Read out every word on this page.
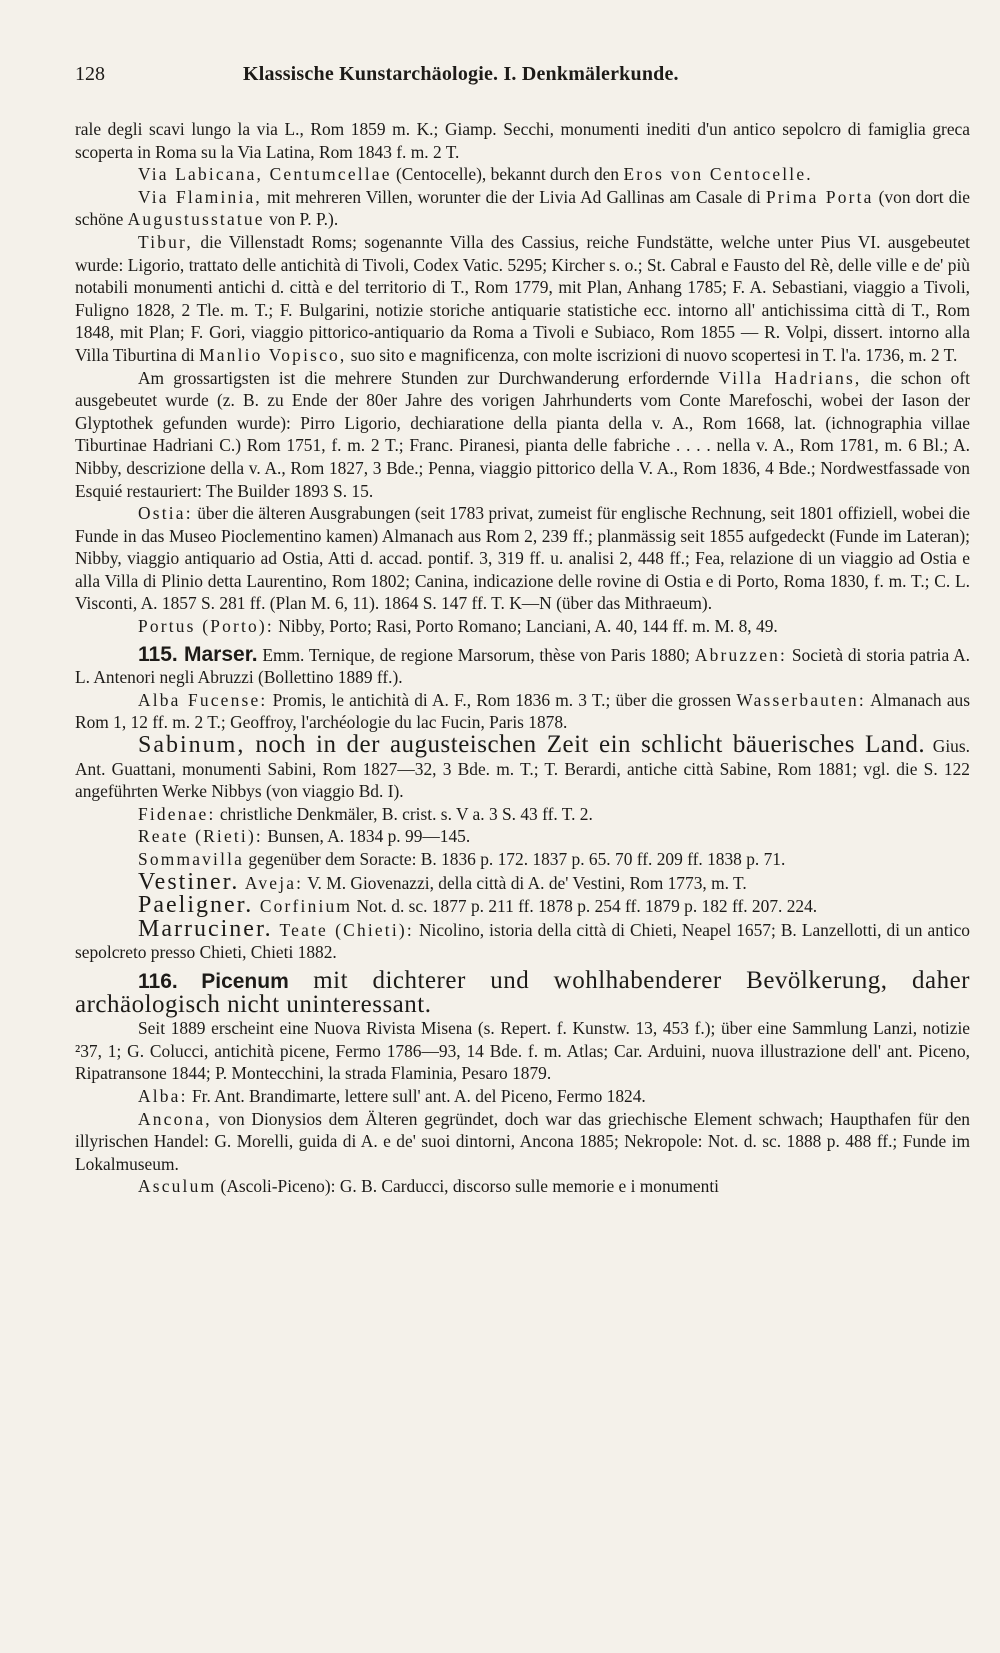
128	Klassische Kunstarchäologie. I. Denkmälerkunde.

rale degli scavi lungo la via L., Rom 1859 m. K.; Giamp. Secchi, monumenti inediti d'un antico sepolcro di famiglia greca scoperta in Roma su la Via Latina, Rom 1843 f. m. 2 T.

Via Labicana, Centumcellae (Centocelle), bekannt durch den Eros von Centocelle.

Via Flaminia, mit mehreren Villen, worunter die der Livia Ad Gallinas am Casale di Prima Porta (von dort die schöne Augustusstatue von P. P.).

Tibur, die Villenstadt Roms; sogenannte Villa des Cassius, reiche Fundstätte, welche unter Pius VI. ausgebeutet wurde: Ligorio, trattato delle antichità di Tivoli, Codex Vatic. 5295; Kircher s. o.; St. Cabral e Fausto del Rè, delle ville e de' più notabili monumenti antichi d. città e del territorio di T., Rom 1779, mit Plan, Anhang 1785; F. A. Sebastiani, viaggio a Tivoli, Fuligno 1828, 2 Tle. m. T.; F. Bulgarini, notizie storiche antiquarie statistiche ecc. intorno all' antichissima città di T., Rom 1848, mit Plan; F. Gori, viaggio pittorico-antiquario da Roma a Tivoli e Subiaco, Rom 1855 — R. Volpi, dissert. intorno alla Villa Tiburtina di Manlio Vopisco, suo sito e magnificenza, con molte iscrizioni di nuovo scopertesi in T. l'a. 1736, m. 2 T.

Am grossartigsten ist die mehrere Stunden zur Durchwanderung erfordernde Villa Hadrians, die schon oft ausgebeutet wurde (z. B. zu Ende der 80er Jahre des vorigen Jahrhunderts vom Conte Marefoschi, wobei der Iason der Glyptothek gefunden wurde): Pirro Ligorio, dechiaratione della pianta della v. A., Rom 1668, lat. (ichnographia villae Tiburtinae Hadriani C.) Rom 1751, f. m. 2 T.; Franc. Piranesi, pianta delle fabriche . . . . nella v. A., Rom 1781, m. 6 Bl.; A. Nibby, descrizione della v. A., Rom 1827, 3 Bde.; Penna, viaggio pittorico della V. A., Rom 1836, 4 Bde.; Nordwestfassade von Esquié restauriert: The Builder 1893 S. 15.

Ostia: über die älteren Ausgrabungen (seit 1783 privat, zumeist für englische Rechnung, seit 1801 offiziell, wobei die Funde in das Museo Pioclementino kamen) Almanach aus Rom 2, 239 ff.; planmässig seit 1855 aufgedeckt (Funde im Lateran); Nibby, viaggio antiquario ad Ostia, Atti d. accad. pontif. 3, 319 ff. u. analisi 2, 448 ff.; Fea, relazione di un viaggio ad Ostia e alla Villa di Plinio detta Laurentino, Rom 1802; Canina, indicazione delle rovine di Ostia e di Porto, Roma 1830, f. m. T.; C. L. Visconti, A. 1857 S. 281 ff. (Plan M. 6, 11). 1864 S. 147 ff. T. K—N (über das Mithraeum).

Portus (Porto): Nibby, Porto; Rasi, Porto Romano; Lanciani, A. 40, 144 ff. m. M. 8, 49.

115. Marser. Emm. Ternique, de regione Marsorum, thèse von Paris 1880; Abruzzen: Società di storia patria A. L. Antenori negli Abruzzi (Bollettino 1889 ff.).

Alba Fucense: Promis, le antichità di A. F., Rom 1836 m. 3 T.; über die grossen Wasserbauten: Almanach aus Rom 1, 12 ff. m. 2 T.; Geoffroy, l'archéologie du lac Fucin, Paris 1878.

Sabinum, noch in der augusteischen Zeit ein schlicht bäuerisches Land. Gius. Ant. Guattani, monumenti Sabini, Rom 1827—32, 3 Bde. m. T.; T. Berardi, antiche città Sabine, Rom 1881; vgl. die S. 122 angeführten Werke Nibbys (von viaggio Bd. I).

Fidenae: christliche Denkmäler, B. crist. s. V a. 3 S. 43 ff. T. 2.

Reate (Rieti): Bunsen, A. 1834 p. 99—145.

Sommavilla gegenüber dem Soracte: B. 1836 p. 172. 1837 p. 65. 70 ff. 209 ff. 1838 p. 71.

Vestiner. Aveja: V. M. Giovenazzi, della città di A. de' Vestini, Rom 1773, m. T.

Paeligner. Corfinium Not. d. sc. 1877 p. 211 ff. 1878 p. 254 ff. 1879 p. 182 ff. 207. 224.

Marruciner. Teate (Chieti): Nicolino, istoria della città di Chieti, Neapel 1657; B. Lanzellotti, di un antico sepolcreto presso Chieti, Chieti 1882.

116. Picenum mit dichterer und wohlhabenderer Bevölkerung, daher archäologisch nicht uninteressant.

Seit 1889 erscheint eine Nuova Rivista Misena (s. Repert. f. Kunstw. 13, 453 f.); über eine Sammlung Lanzi, notizie ²37, 1; G. Colucci, antichità picene, Fermo 1786—93, 14 Bde. f. m. Atlas; Car. Arduini, nuova illustrazione dell' ant. Piceno, Ripatransone 1844; P. Montecchini, la strada Flaminia, Pesaro 1879.

Alba: Fr. Ant. Brandimarte, lettere sull' ant. A. del Piceno, Fermo 1824.

Ancona, von Dionysios dem Älteren gegründet, doch war das griechische Element schwach; Haupthafen für den illyrischen Handel: G. Morelli, guida di A. e de' suoi dintorni, Ancona 1885; Nekropole: Not. d. sc. 1888 p. 488 ff.; Funde im Lokalmuseum.

Asculum (Ascoli-Piceno): G. B. Carducci, discorso sulle memorie e i monumenti
